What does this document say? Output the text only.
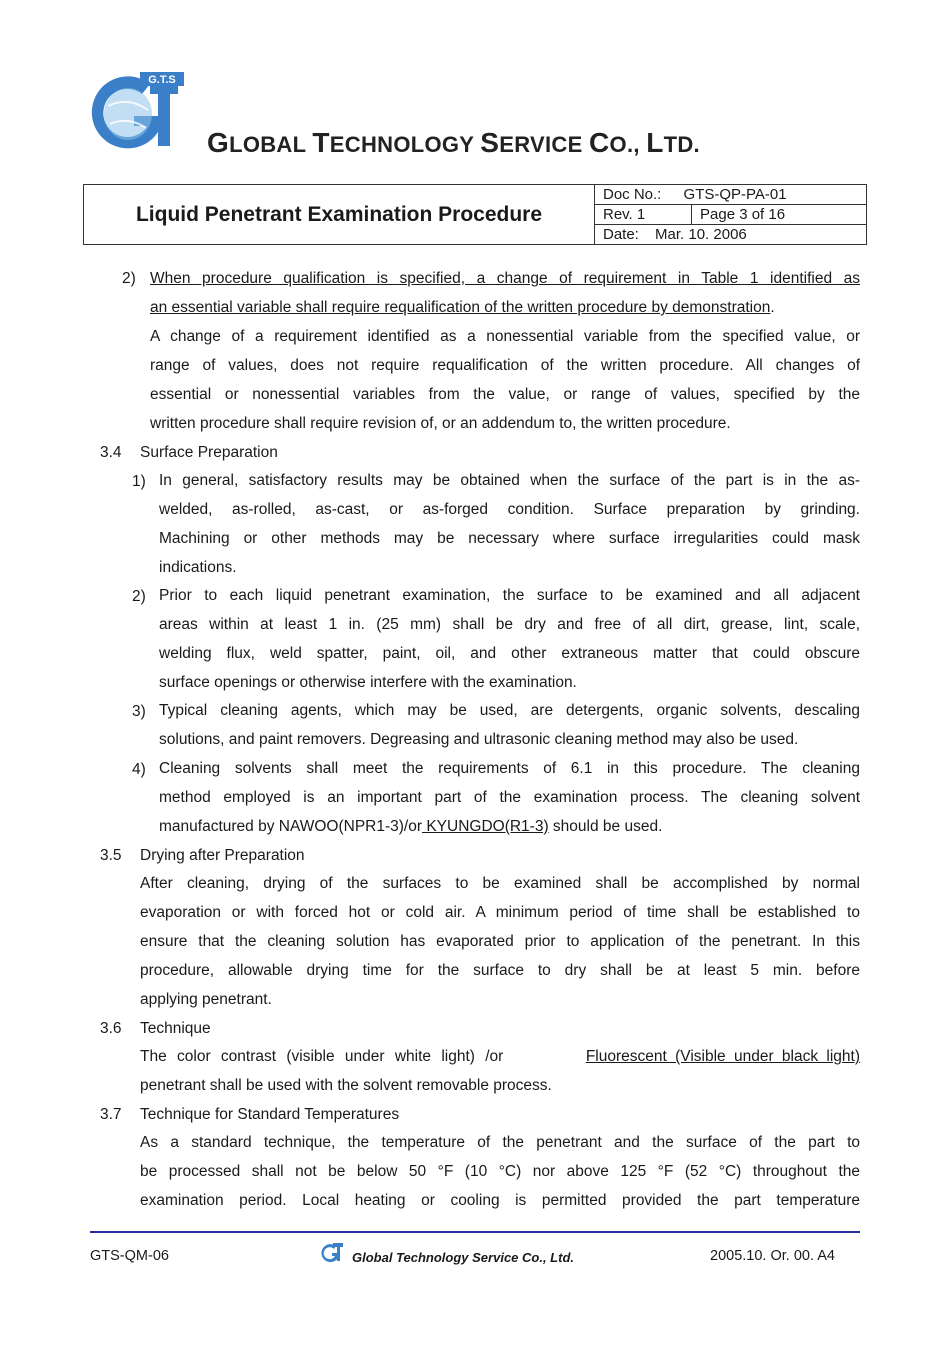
G.T.S
GLOBAL TECHNOLOGY SERVICE CO., LTD.
Liquid Penetrant Examination Procedure	Doc No.: GTS-QP-PA-01	
	Rev. 1	Page 3 of 16
	Date: Mar. 10. 2006	
2) When procedure qualification is specified, a change of requirement in Table 1 identified as
an essential variable shall require requalification of the written procedure by demonstration.
A change of a requirement identified as a nonessential variable from the specified value, or
range of values, does not require requalification of the written procedure. All changes of
essential or nonessential variables from the value, or range of values, specified by the
written procedure shall require revision of, or an addendum to, the written procedure.
3.4 Surface Preparation
1) In general, satisfactory results may be obtained when the surface of the part is in the as-
welded, as-rolled, as-cast, or as-forged condition. Surface preparation by grinding.
Machining or other methods may be necessary where surface irregularities could mask
indications.
2) Prior to each liquid penetrant examination, the surface to be examined and all adjacent
areas within at least 1 in. (25 mm) shall be dry and free of all dirt, grease, lint, scale,
welding flux, weld spatter, paint, oil, and other extraneous matter that could obscure
surface openings or otherwise interfere with the examination.
3) Typical cleaning agents, which may be used, are detergents, organic solvents, descaling
solutions, and paint removers. Degreasing and ultrasonic cleaning method may also be used.
4) Cleaning solvents shall meet the requirements of 6.1 in this procedure. The cleaning
method employed is an important part of the examination process. The cleaning solvent
manufactured by NAWOO(NPR1-3)/or KYUNGDO(R1-3) should be used.
3.5 Drying after Preparation
After cleaning, drying of the surfaces to be examined shall be accomplished by normal
evaporation or with forced hot or cold air. A minimum period of time shall be established to
ensure that the cleaning solution has evaporated prior to application of the penetrant. In this
procedure, allowable drying time for the surface to dry shall be at least 5 min. before
applying penetrant.
3.6 Technique
The color contrast (visible under white light) /or	Fluorescent (Visible under black light)
penetrant shall be used with the solvent removable process.
3.7 Technique for Standard Temperatures
As a standard technique, the temperature of the penetrant and the surface of the part to
be processed shall not be below 50 °F (10 °C) nor above 125 °F (52 °C) throughout the
examination period. Local heating or cooling is permitted provided the part temperature
GTS-QM-06	Global Technology Service Co., Ltd.	2005.10. Or. 00. A4
